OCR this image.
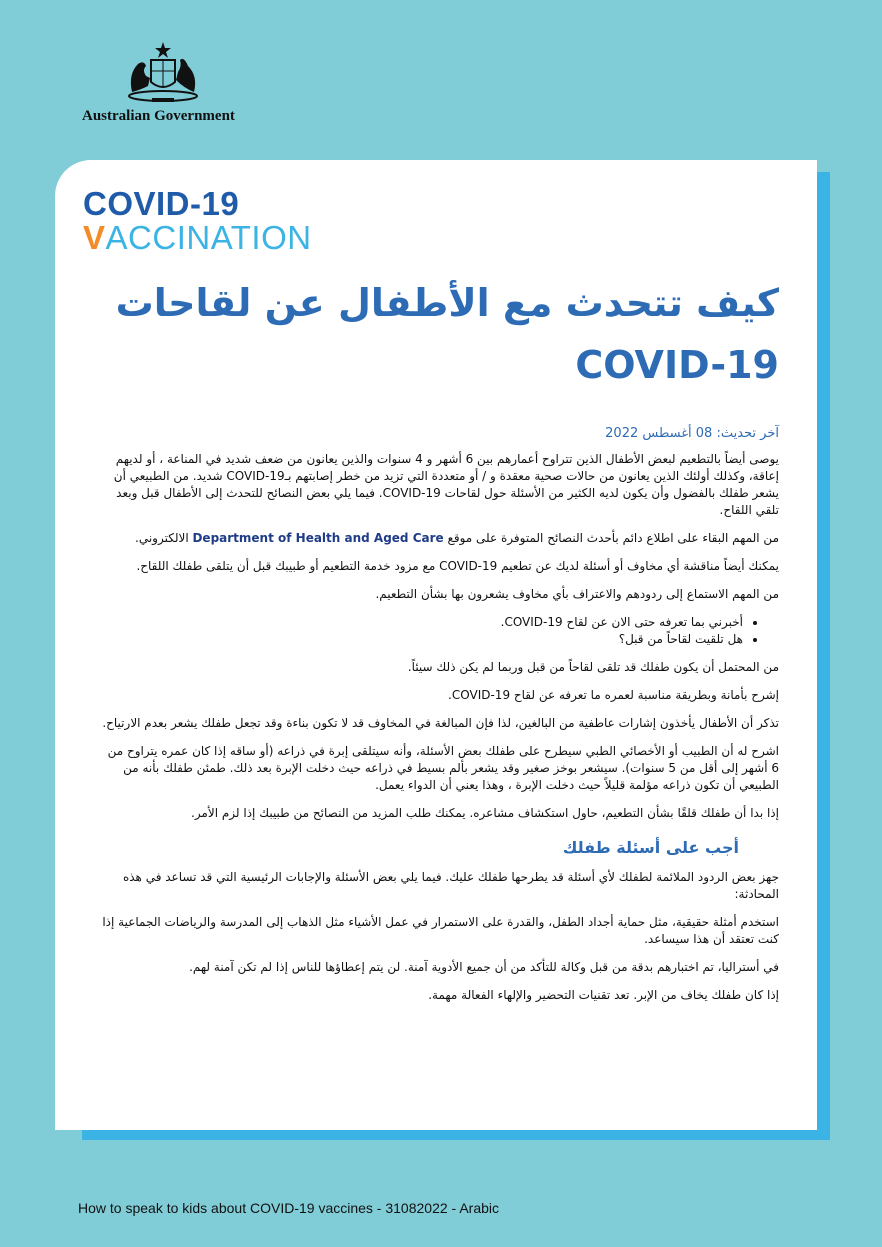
Australian Government
COVID-19
VACCINATION
كيف تتحدث مع الأطفال عن لقاحات
COVID-19
آخر تحديث: 08 أغسطس 2022

يوصى أيضاً بالتطعيم لبعض الأطفال الذين تتراوح أعمارهم بين 6 أشهر و 4 سنوات والذين يعانون من ضعف شديد في المناعة ، أو لديهم إعاقة، وكذلك أولئك الذين يعانون من حالات صحية معقدة و / أو متعددة التي تزيد من خطر إصابتهم بـCOVID-19 شديد. من الطبيعي أن يشعر طفلك بالفضول وأن يكون لديه الكثير من الأسئلة حول لقاحات COVID-19. فيما يلي بعض النصائح للتحدث إلى الأطفال قبل وبعد تلقي اللقاح.

من المهم البقاء على اطلاع دائم بأحدث النصائح المتوفرة على موقع Department of Health and Aged Care الالكتروني.

يمكنك أيضاً مناقشة أي مخاوف أو أسئلة لديك عن تطعيم COVID-19 مع مزود خدمة التطعيم أو طبيبك قبل أن يتلقى طفلك اللقاح.

من المهم الاستماع إلى ردودهم والاعتراف بأي مخاوف يشعرون بها بشأن التطعيم.

• أخبرني بما تعرفه حتى الان عن لقاح COVID-19.
• هل تلقيت لقاحاً من قبل؟

من المحتمل أن يكون طفلك قد تلقى لقاحاً من قبل وربما لم يكن ذلك سيئاً.

إشرح بأمانة وبطريقة مناسبة لعمره ما تعرفه عن لقاح COVID-19.

تذكر أن الأطفال يأخذون إشارات عاطفية من البالغين، لذا فإن المبالغة في المخاوف قد لا تكون بناءة وقد تجعل طفلك يشعر بعدم الارتياح.

اشرح له أن الطبيب أو الأخصائي الطبي سيطرح على طفلك بعض الأسئلة، وأنه سيتلقى إبرة في ذراعه (أو ساقه إذا كان عمره يتراوح من 6 أشهر إلى أقل من 5 سنوات). سيشعر بوخز صغير وقد يشعر بألم بسيط في ذراعه حيث دخلت الإبرة بعد ذلك. طمئن طفلك بأنه من الطبيعي أن تكون ذراعه مؤلمة قليلاً حيث دخلت الإبرة ، وهذا يعني أن الدواء يعمل.

إذا بدا أن طفلك قلقًا بشأن التطعيم، حاول استكشاف مشاعره. يمكنك طلب المزيد من النصائح من طبيبك إذا لزم الأمر.

أجب على أسئلة طفلك

جهز بعض الردود الملائمة لطفلك لأي أسئلة قد يطرحها طفلك عليك. فيما يلي بعض الأسئلة والإجابات الرئيسية التي قد تساعد في هذه المحادثة:

استخدم أمثلة حقيقية، مثل حماية أجداد الطفل، والقدرة على الاستمرار في عمل الأشياء مثل الذهاب إلى المدرسة والرياضات الجماعية إذا كنت تعتقد أن هذا سيساعد.

في أستراليا، تم اختبارهم بدقة من قبل وكالة للتأكد من أن جميع الأدوية آمنة. لن يتم إعطاؤها للناس إذا لم تكن آمنة لهم.

إذا كان طفلك يخاف من الإبر. تعد تقنيات التحضير والإلهاء الفعالة مهمة.

How to speak to kids about COVID-19 vaccines - 31082022 - Arabic
